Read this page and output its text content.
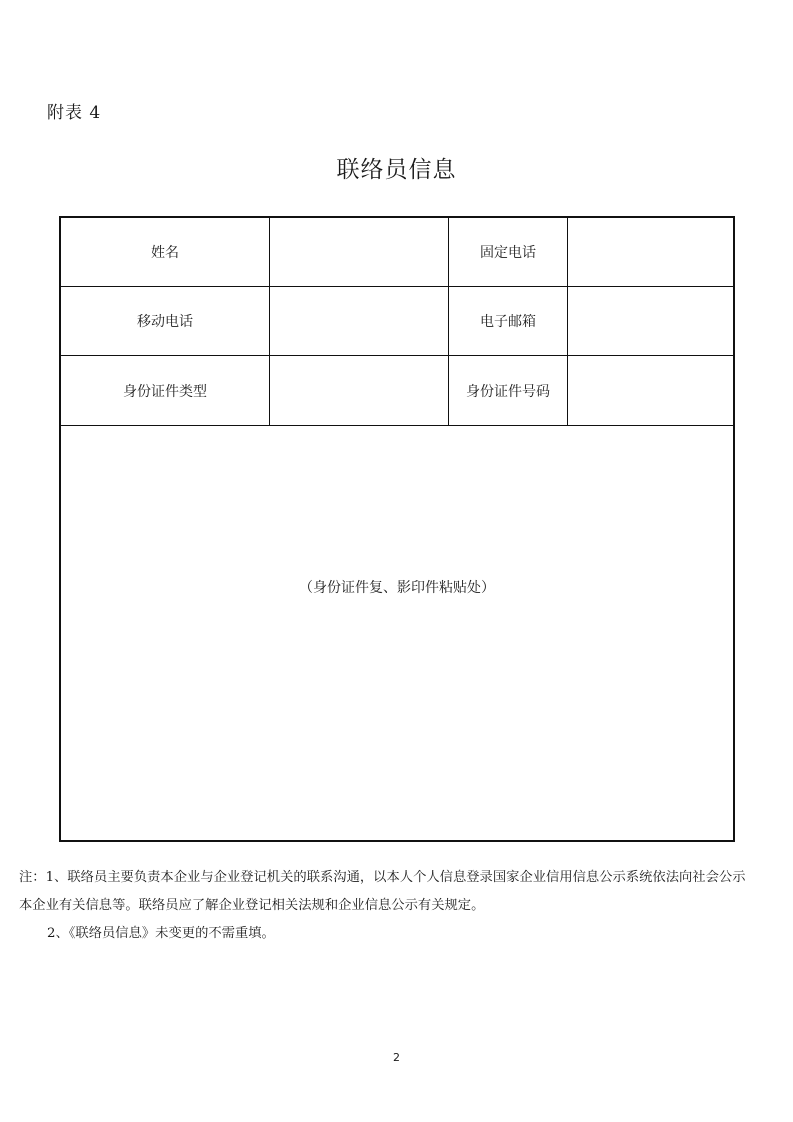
附表 4
联络员信息
姓名	固定电话
移动电话	电子邮箱
身份证件类型	身份证件号码
（身份证件复、影印件粘贴处）
注：1、联络员主要负责本企业与企业登记机关的联系沟通，以本人个人信息登录国家企业信用信息公示系统依法向社会公示
本企业有关信息等。联络员应了解企业登记相关法规和企业信息公示有关规定。
2、《联络员信息》未变更的不需重填。
2
